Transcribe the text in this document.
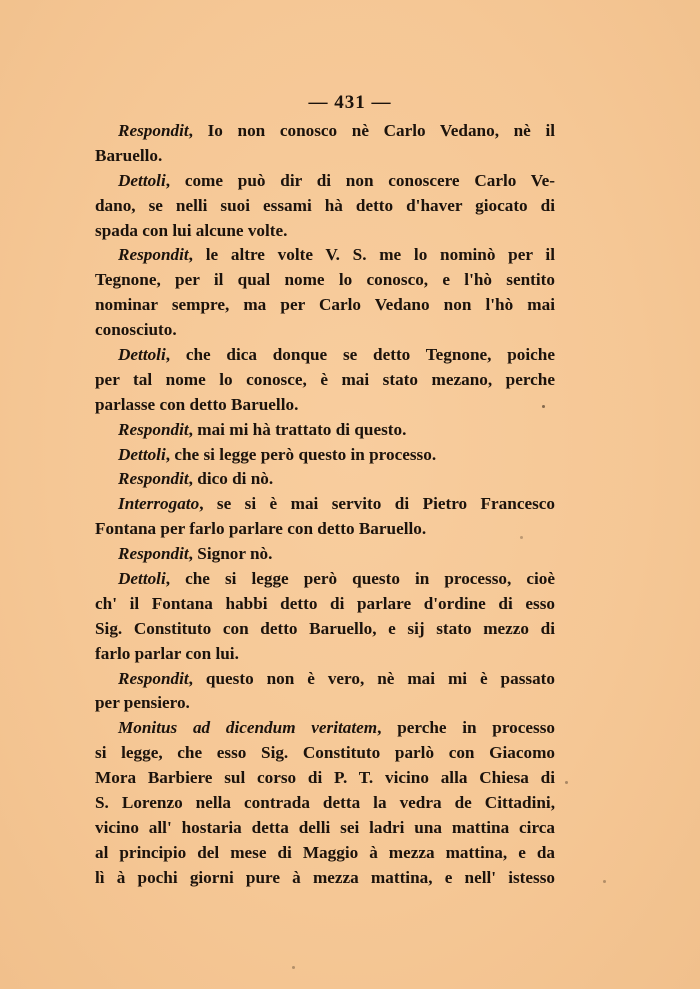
— 431 —
Respondit, Io non conosco nè Carlo Vedano, nè il
Baruello.
Dettoli, come può dir di non conoscere Carlo Ve-
dano, se nelli suoi essami hà detto d'haver giocato di
spada con lui alcune volte.
Respondit, le altre volte V. S. me lo nominò per il
Tegnone, per il qual nome lo conosco, e l'hò sentito
nominar sempre, ma per Carlo Vedano non l'hò mai
conosciuto.
Dettoli, che dica donque se detto Tegnone, poiche
per tal nome lo conosce, è mai stato mezano, perche
parlasse con detto Baruello.
Respondit, mai mi hà trattato di questo.
Dettoli, che si legge però questo in processo.
Respondit, dico di nò.
Interrogato, se si è mai servito di Pietro Francesco
Fontana per farlo parlare con detto Baruello.
Respondit, Signor nò.
Dettoli, che si legge però questo in processo, cioè
ch' il Fontana habbi detto di parlare d'ordine di esso
Sig. Constituto con detto Baruello, e sij stato mezzo di
farlo parlar con lui.
Respondit, questo non è vero, nè mai mi è passato
per pensiero.
Monitus ad dicendum veritatem, perche in processo
si legge, che esso Sig. Constituto parlò con Giacomo
Mora Barbiere sul corso di P. T. vicino alla Chiesa di
S. Lorenzo nella contrada detta la vedra de Cittadini,
vicino all' hostaria detta delli sei ladri una mattina circa
al principio del mese di Maggio à mezza mattina, e da
lì à pochi giorni pure à mezza mattina, e nell' istesso
